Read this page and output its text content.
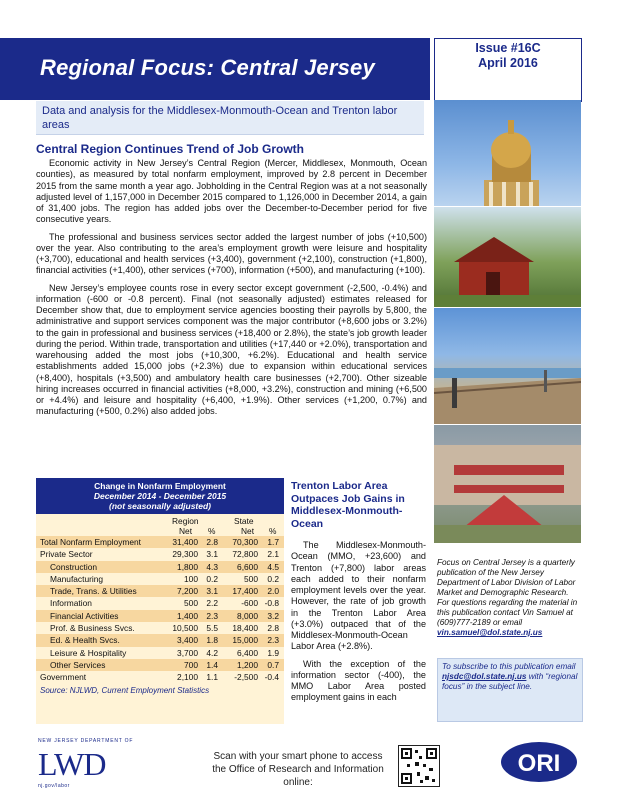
Regional Focus: Central Jersey
Issue #16C
April 2016
Data and analysis for the Middlesex-Monmouth-Ocean and Trenton labor areas
Central Region Continues Trend of Job Growth

Economic activity in New Jersey’s Central Region (Mercer, Middlesex, Monmouth, Ocean counties), as measured by total nonfarm employment, improved by 2.8 percent in December 2015 from the same month a year ago. Jobholding in the Central Region was at a not seasonally adjusted level of 1,157,000 in December 2015 compared to 1,126,000 in December 2014, a gain of 31,400 jobs. The region has added jobs over the December-to-December period for five consecutive years.

The professional and business services sector added the largest number of jobs (+10,500) over the year. Also contributing to the area’s employment growth were leisure and hospitality (+3,700), educational and health services (+3,400), government (+2,100), construction (+1,800), financial activities (+1,400), other services (+700), information (+500), and manufacturing (+100).

New Jersey’s employee counts rose in every sector except government (-2,500, -0.4%) and information (-600 or -0.8 percent). Final (not seasonally adjusted) estimates released for December show that, due to employment service agencies boosting their payrolls by 5,800, the administrative and support services component was the major contributor (+8,600 jobs or 3.2%) to the gain in professional and business services (+18,400 or 2.8%), the state’s job growth leader during the period. Within trade, transportation and utilities (+17,440 or +2.0%), transportation and warehousing added the most jobs (+10,300, +6.2%). Educational and health service establishments added 15,000 jobs (+2.3%) due to expansion within educational services (+8,400), hospitals (+3,500) and ambulatory health care businesses (+2,700). Other sizeable hiring increases occurred in financial activities (+8,000, +3.2%), construction and mining (+6,500 or +4.4%) and leisure and hospitality (+6,400, +1.9%). Other services (+1,200, 0.7%) and manufacturing (+500, 0.2%) also added jobs.

Change in Nonfarm Employment
December 2014 - December 2015
(not seasonally adjusted)
Region	State
Net %	Net %
Total Nonfarm Employment	31,400 2.8 70,300 1.7
Private Sector	29,300 3.1 72,800 2.1
Construction	1,800 4.3 6,600 4.5
Manufacturing	100 0.2	500 0.2
Trade, Trans. & Utilities	7,200 3.1 17,400 2.0
Information	500 2.2	-600 -0.8
Financial Activities	1,400 2.3 8,000 3.2
Prof. & Business Svcs.	10,500 5.5 18,400 2.8
Ed. & Health Svcs.	3,400 1.8 15,000 2.3
Leisure & Hospitality	3,700 4.2 6,400 1.9
Other Services	700 1.4 1,200 0.7
Government	2,100 1.1 -2,500 -0.4
Source: NJLWD, Current Employment Statistics
Trenton Labor Area Outpaces Job Gains in Middlesex-Monmouth-Ocean

The Middlesex-Monmouth-Ocean (MMO, +23,600) and Trenton (+7,800) labor areas each added to their nonfarm employment levels over the year. However, the rate of job growth in the Trenton Labor Area (+3.0%) outpaced that of the Middlesex-Monmouth-Ocean Labor Area (+2.8%).

With the exception of the information sector (-400), the MMO Labor Area posted employment gains in each

Focus on Central Jersey is a quarterly publication of the New Jersey Department of Labor Division of Labor Market and Demographic Research. For questions regarding the material in this publication contact Vin Samuel at (609)777-2189 or email
vin.samuel@dol.state.nj.us
To subscribe to this publication email njsdc@dol.state.nj.us with “regional focus” in the subject line.
NEW JERSEY DEPARTMENT OF
LWD
nj.gov/labor
Scan with your smart phone to access the Office of Research and Information online:
ORI
